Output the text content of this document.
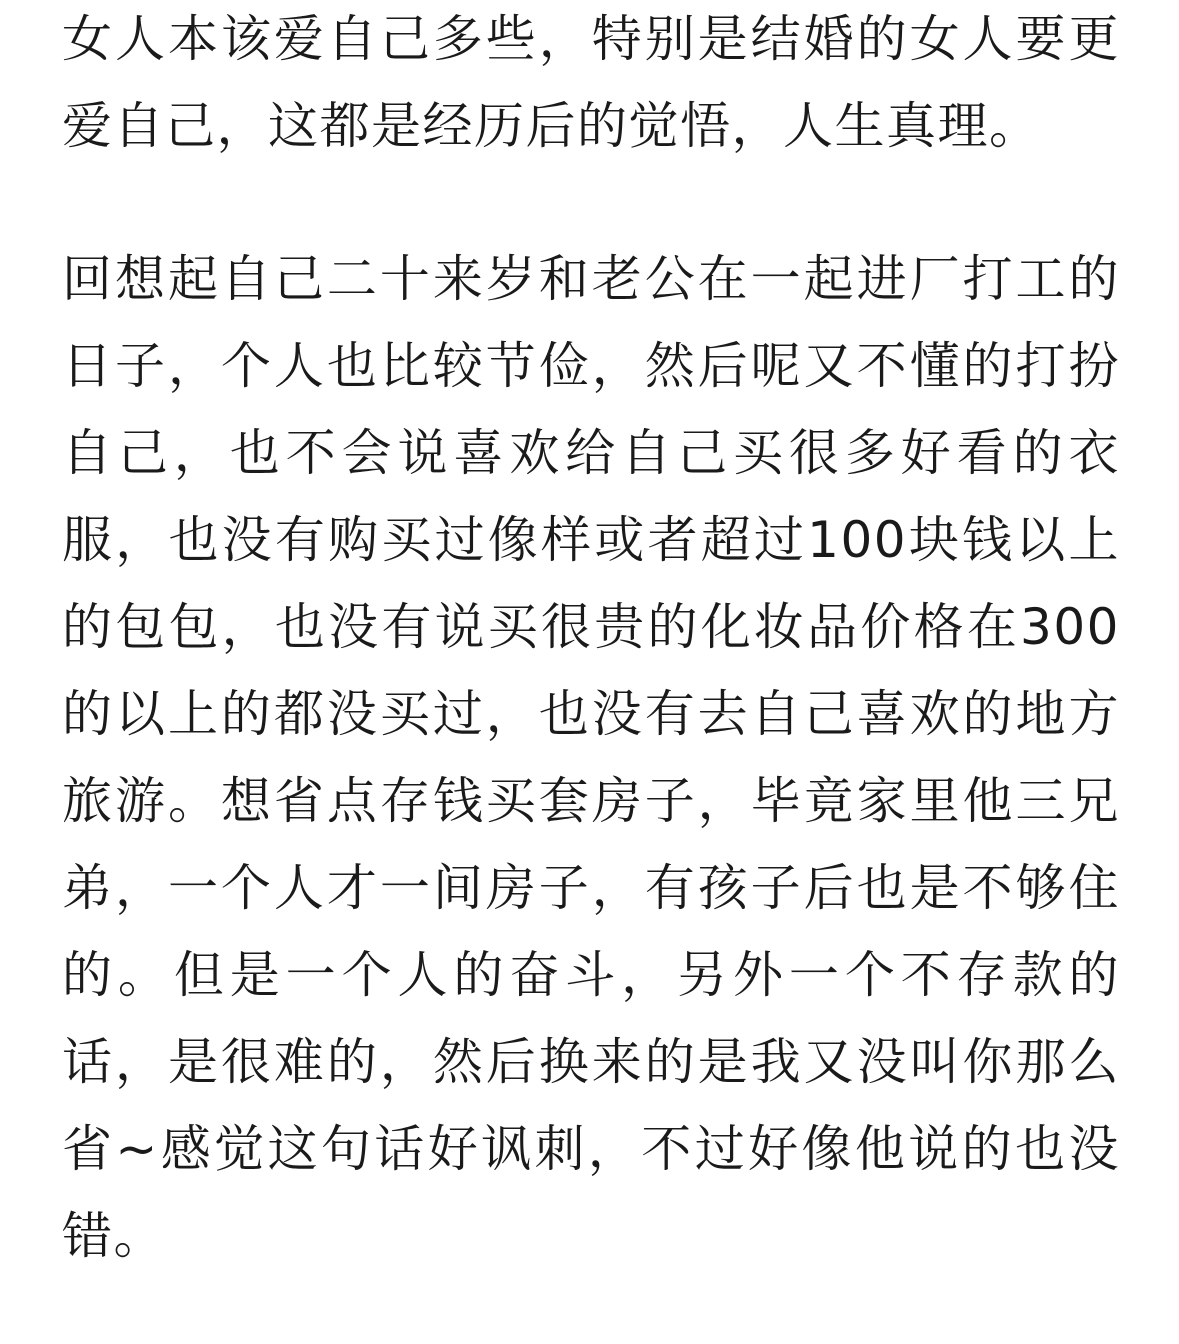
女人本该爱自己多些，特别是结婚的女人要更爱自己，这都是经历后的觉悟，人生真理。

回想起自己二十来岁和老公在一起进厂打工的日子，个人也比较节俭，然后呢又不懂的打扮自己，也不会说喜欢给自己买很多好看的衣服，也没有购买过像样或者超过100块钱以上的包包，也没有说买很贵的化妆品价格在300的以上的都没买过，也没有去自己喜欢的地方旅游。想省点存钱买套房子，毕竟家里他三兄弟，一个人才一间房子，有孩子后也是不够住的。但是一个人的奋斗，另外一个不存款的话，是很难的，然后换来的是我又没叫你那么省~感觉这句话好讽刺，不过好像他说的也没错。
